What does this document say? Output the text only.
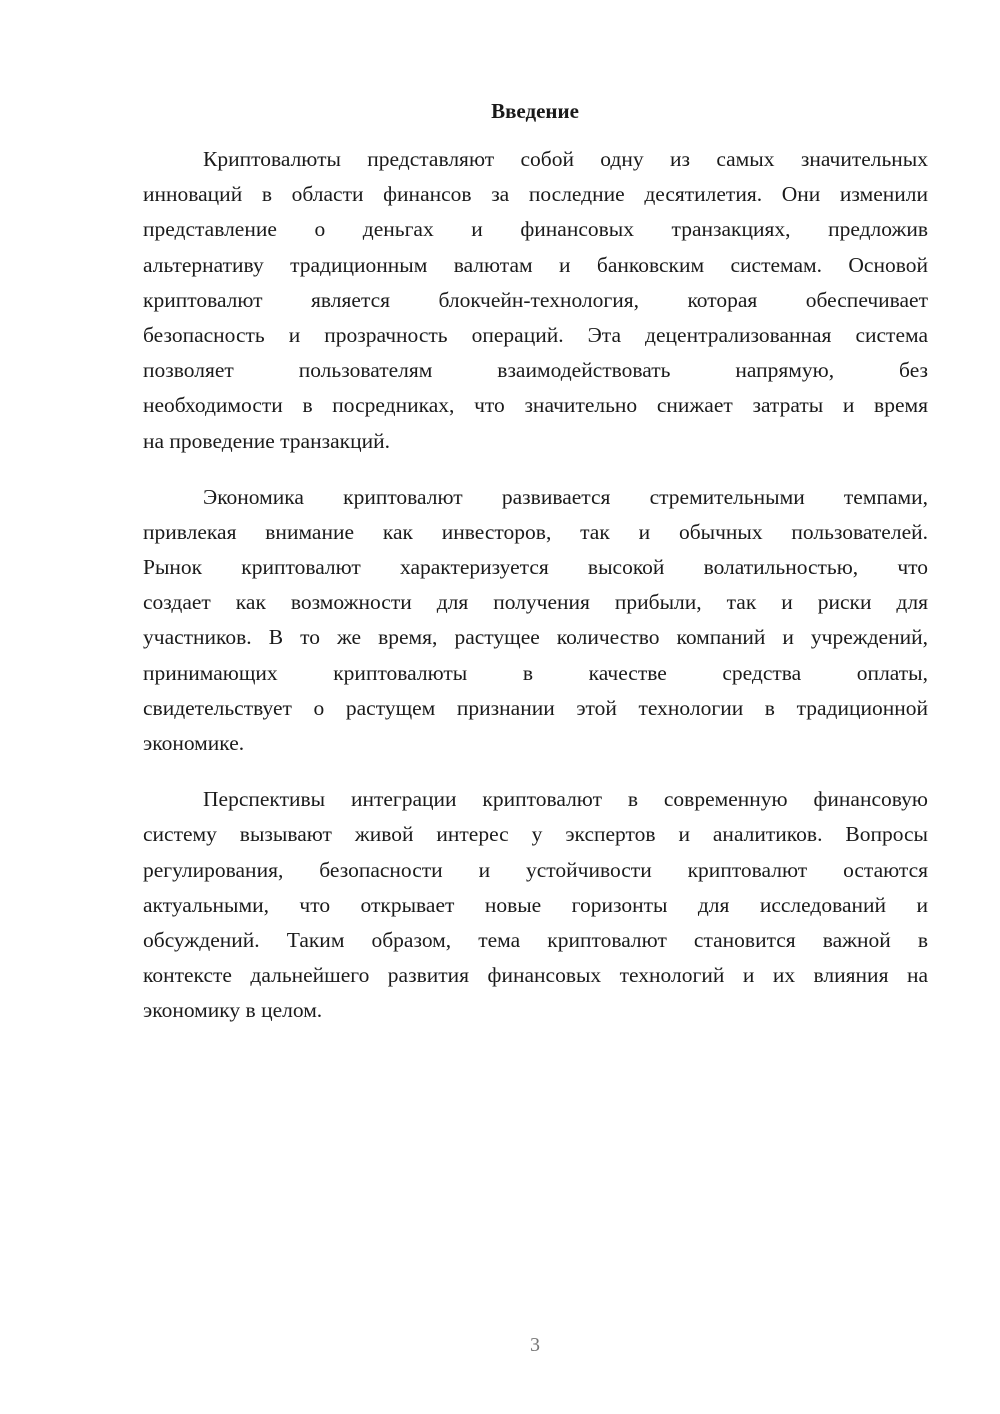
Введение
Криптовалюты представляют собой одну из самых значительных
инноваций в области финансов за последние десятилетия. Они изменили
представление о деньгах и финансовых транзакциях, предложив
альтернативу традиционным валютам и банковским системам. Основой
криптовалют является блокчейн-технология, которая обеспечивает
безопасность и прозрачность операций. Эта децентрализованная система
позволяет пользователям взаимодействовать напрямую, без
необходимости в посредниках, что значительно снижает затраты и время
на проведение транзакций.
Экономика криптовалют развивается стремительными темпами,
привлекая внимание как инвесторов, так и обычных пользователей.
Рынок криптовалют характеризуется высокой волатильностью, что
создает как возможности для получения прибыли, так и риски для
участников. В то же время, растущее количество компаний и учреждений,
принимающих криптовалюты в качестве средства оплаты,
свидетельствует о растущем признании этой технологии в традиционной
экономике.
Перспективы интеграции криптовалют в современную финансовую
систему вызывают живой интерес у экспертов и аналитиков. Вопросы
регулирования, безопасности и устойчивости криптовалют остаются
актуальными, что открывает новые горизонты для исследований и
обсуждений. Таким образом, тема криптовалют становится важной в
контексте дальнейшего развития финансовых технологий и их влияния на
экономику в целом.
3
